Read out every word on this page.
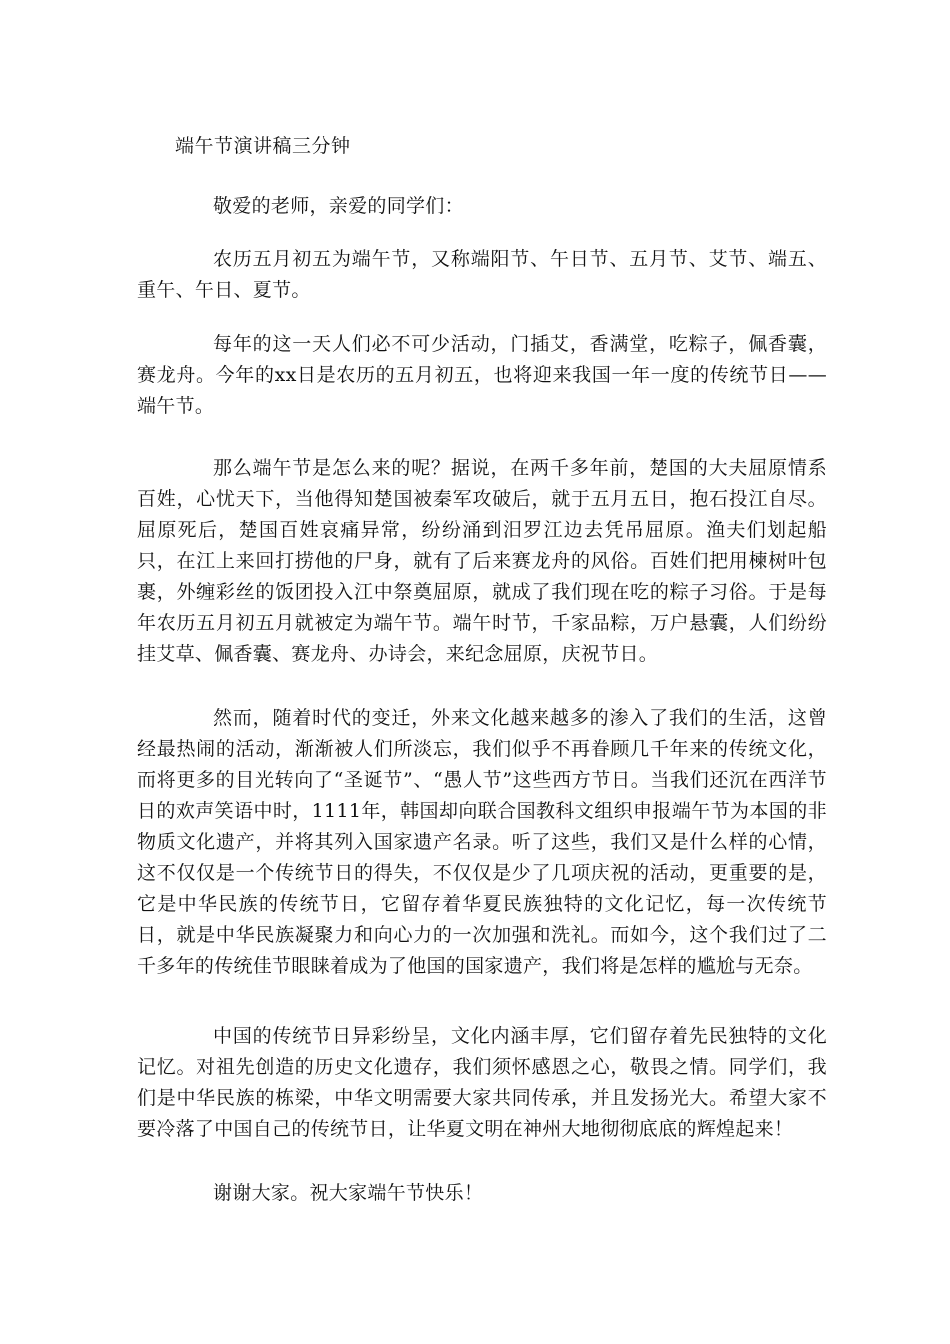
端午节演讲稿三分钟

敬爱的老师，亲爱的同学们：

农历五月初五为端午节，又称端阳节、午日节、五月节、艾节、端五、重午、午日、夏节。

每年的这一天人们必不可少活动，门插艾，香满堂，吃粽子，佩香囊，赛龙舟。今年的xx日是农历的五月初五，也将迎来我国一年一度的传统节日——端午节。

那么端午节是怎么来的呢？据说，在两千多年前，楚国的大夫屈原情系百姓，心忧天下，当他得知楚国被秦军攻破后，就于五月五日，抱石投江自尽。屈原死后，楚国百姓哀痛异常，纷纷涌到汨罗江边去凭吊屈原。渔夫们划起船只，在江上来回打捞他的尸身，就有了后来赛龙舟的风俗。百姓们把用楝树叶包裹，外缠彩丝的饭团投入江中祭奠屈原，就成了我们现在吃的粽子习俗。于是每年农历五月初五月就被定为端午节。端午时节，千家品粽，万户悬囊，人们纷纷挂艾草、佩香囊、赛龙舟、办诗会，来纪念屈原，庆祝节日。

然而，随着时代的变迁，外来文化越来越多的渗入了我们的生活，这曾经最热闹的活动，渐渐被人们所淡忘，我们似乎不再眷顾几千年来的传统文化，而将更多的目光转向了“圣诞节”、“愚人节”这些西方节日。当我们还沉在西洋节日的欢声笑语中时，1111年，韩国却向联合国教科文组织申报端午节为本国的非物质文化遗产，并将其列入国家遗产名录。听了这些，我们又是什么样的心情，这不仅仅是一个传统节日的得失，不仅仅是少了几项庆祝的活动，更重要的是，它是中华民族的传统节日，它留存着华夏民族独特的文化记忆，每一次传统节日，就是中华民族凝聚力和向心力的一次加强和洗礼。而如今，这个我们过了二千多年的传统佳节眼睐着成为了他国的国家遗产，我们将是怎样的尴尬与无奈。

中国的传统节日异彩纷呈，文化内涵丰厚，它们留存着先民独特的文化记忆。对祖先创造的历史文化遗存，我们须怀感恩之心，敬畏之情。同学们，我们是中华民族的栋梁，中华文明需要大家共同传承，并且发扬光大。希望大家不要冷落了中国自己的传统节日，让华夏文明在神州大地彻彻底底的辉煌起来！

谢谢大家。祝大家端午节快乐！
